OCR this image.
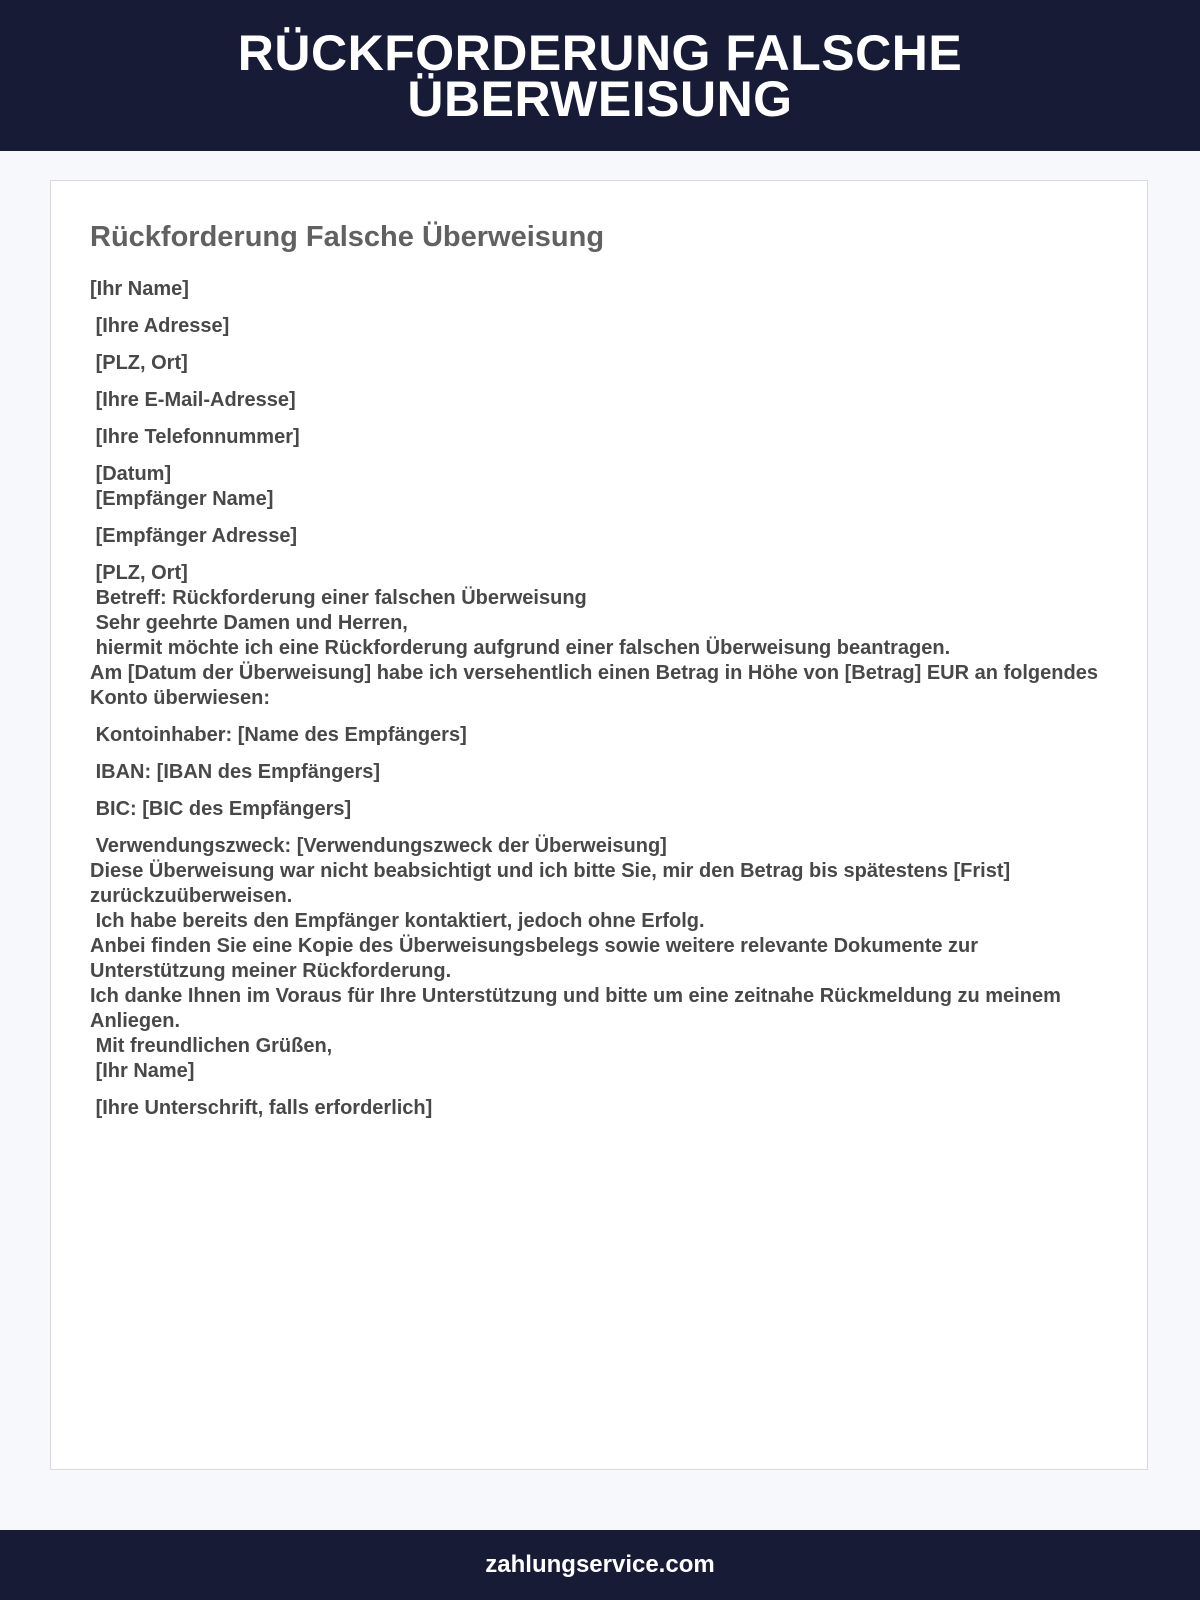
RÜCKFORDERUNG FALSCHE ÜBERWEISUNG
Rückforderung Falsche Überweisung
[Ihr Name]
[Ihre Adresse]
[PLZ, Ort]
[Ihre E-Mail-Adresse]
[Ihre Telefonnummer]
[Datum]
[Empfänger Name]
[Empfänger Adresse]
[PLZ, Ort]
Betreff: Rückforderung einer falschen Überweisung
Sehr geehrte Damen und Herren,
hiermit möchte ich eine Rückforderung aufgrund einer falschen Überweisung beantragen.
Am [Datum der Überweisung] habe ich versehentlich einen Betrag in Höhe von [Betrag] EUR an folgendes Konto überwiesen:
Kontoinhaber: [Name des Empfängers]
IBAN: [IBAN des Empfängers]
BIC: [BIC des Empfängers]
Verwendungszweck: [Verwendungszweck der Überweisung]
Diese Überweisung war nicht beabsichtigt und ich bitte Sie, mir den Betrag bis spätestens [Frist] zurückzuüberweisen.
Ich habe bereits den Empfänger kontaktiert, jedoch ohne Erfolg.
Anbei finden Sie eine Kopie des Überweisungsbelegs sowie weitere relevante Dokumente zur Unterstützung meiner Rückforderung.
Ich danke Ihnen im Voraus für Ihre Unterstützung und bitte um eine zeitnahe Rückmeldung zu meinem Anliegen.
Mit freundlichen Grüßen,
[Ihr Name]
[Ihre Unterschrift, falls erforderlich]
zahlungservice.com
